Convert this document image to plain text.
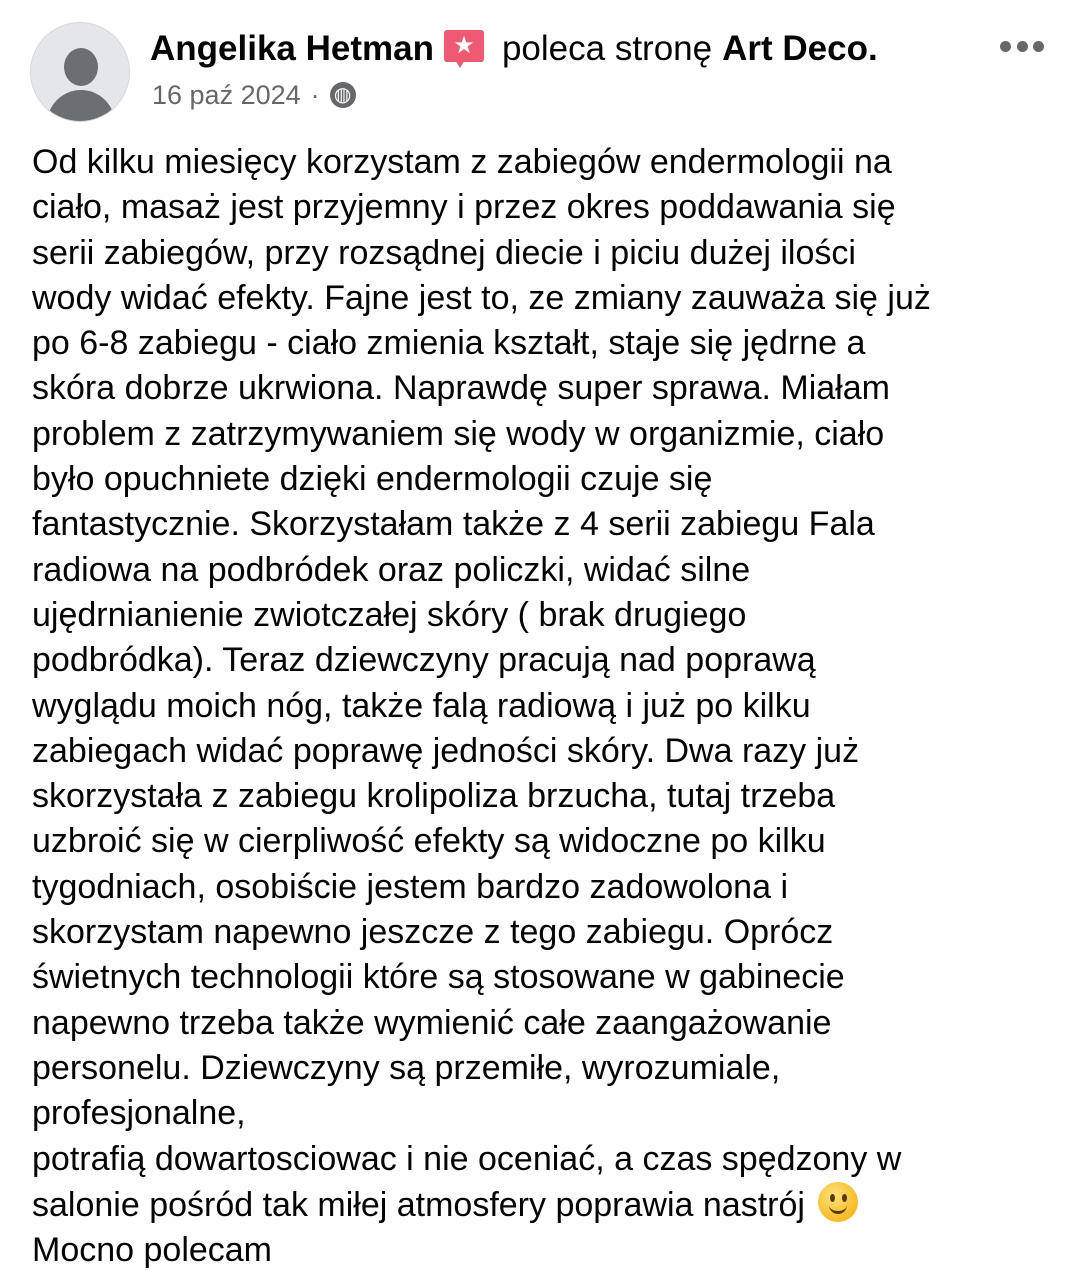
Angelika Hetman ★ poleca stronę Art Deco .
16 paź 2024 · ◍
Od kilku miesięcy korzystam z zabiegów endermologii na
ciało, masaż jest przyjemny i przez okres poddawania się
serii zabiegów, przy rozsądnej diecie i piciu dużej ilości
wody widać efekty. Fajne jest to, ze zmiany zauważa się już
po 6-8 zabiegu - ciało zmienia kształt, staje się jędrne a
skóra dobrze ukrwiona. Naprawdę super sprawa. Miałam
problem z zatrzymywaniem się wody w organizmie, ciało
było opuchniete dzięki endermologii czuje się
fantastycznie. Skorzystałam także z 4 serii zabiegu Fala
radiowa na podbródek oraz policzki, widać silne
ujędrnianienie zwiotczałej skóry ( brak drugiego
podbródka). Teraz dziewczyny pracują nad poprawą
wyglądu moich nóg, także falą radiową i już po kilku
zabiegach widać poprawę jedności skóry. Dwa razy już
skorzystała z zabiegu krolipoliza brzucha, tutaj trzeba
uzbroić się w cierpliwość efekty są widoczne po kilku
tygodniach, osobiście jestem bardzo zadowolona i
skorzystam napewno jeszcze z tego zabiegu. Oprócz
świetnych technologii które są stosowane w gabinecie
napewno trzeba także wymienić całe zaangażowanie
personelu. Dziewczyny są przemiłe, wyrozumiale,
profesjonalne,
potrafią dowartosciowac i nie oceniać, a czas spędzony w
salonie pośród tak miłej atmosfery poprawia nastrój
Mocno polecam
